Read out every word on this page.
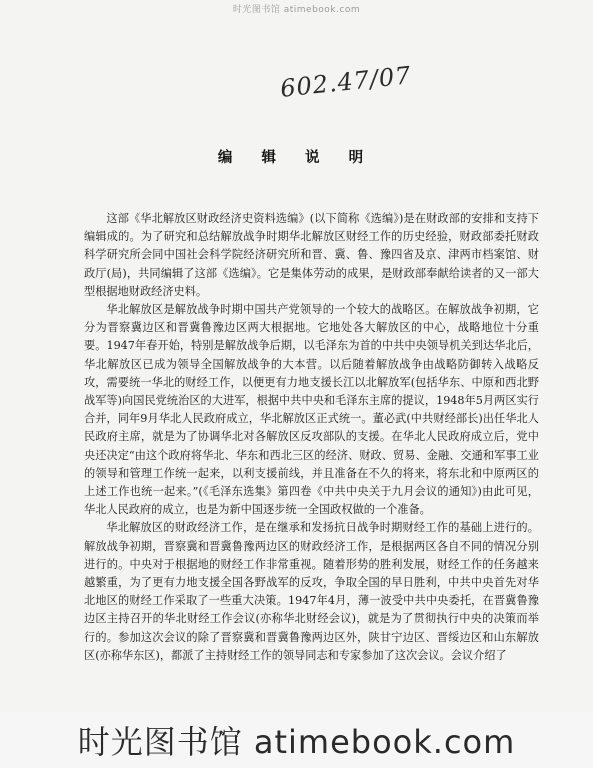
时光图书馆 atimebook.com
602.47/07
编 辑 说 明

这部《华北解放区财政经济史资料选编》(以下简称《选编》)是在财政部的安排和支持下编辑成的。为了研究和总结解放战争时期华北解放区财经工作的历史经验，财政部委托财政科学研究所会同中国社会科学院经济研究所和晋、冀、鲁、豫四省及京、津两市档案馆、财政厅(局)，共同编辑了这部《选编》。它是集体劳动的成果，是财政部奉献给读者的又一部大型根据地财政经济史料。

华北解放区是解放战争时期中国共产党领导的一个较大的战略区。在解放战争初期，它分为晋察冀边区和晋冀鲁豫边区两大根据地。它地处各大解放区的中心，战略地位十分重要。1947年春开始，特别是解放战争后期，以毛泽东为首的中共中央领导机关到达华北后，华北解放区已成为领导全国解放战争的大本营。以后随着解放战争由战略防御转入战略反攻，需要统一华北的财经工作，以便更有力地支援长江以北解放军(包括华东、中原和西北野战军等)向国民党统治区的大进军，根据中共中央和毛泽东主席的提议，1948年5月两区实行合并，同年9月华北人民政府成立，华北解放区正式统一。董必武(中共财经部长)出任华北人民政府主席，就是为了协调华北对各解放区反攻部队的支援。在华北人民政府成立后，党中央还决定“由这个政府将华北、华东和西北三区的经济、财政、贸易、金融、交通和军事工业的领导和管理工作统一起来，以利支援前线，并且准备在不久的将来，将东北和中原两区的上述工作也统一起来。”(《毛泽东选集》第四卷《中共中央关于九月会议的通知》)由此可见，华北人民政府的成立，也是为新中国逐步统一全国政权做的一个准备。

华北解放区的财政经济工作，是在继承和发扬抗日战争时期财经工作的基础上进行的。解放战争初期，晋察冀和晋冀鲁豫两边区的财政经济工作，是根据两区各自不同的情况分别进行的。中央对于根据地的财经工作非常重视。随着形势的胜利发展，财经工作的任务越来越繁重，为了更有力地支援全国各野战军的反攻，争取全国的早日胜利，中共中央首先对华北地区的财经工作采取了一些重大决策。1947年4月，薄一波受中共中央委托，在晋冀鲁豫边区主持召开的华北财经工作会议(亦称华北财经会议)，就是为了贯彻执行中央的决策而举行的。参加这次会议的除了晋察冀和晋冀鲁豫两边区外，陕甘宁边区、晋绥边区和山东解放区(亦称华东区)，都派了主持财经工作的领导同志和专家参加了这次会议。会议介绍了

时光图书馆 atimebook.com
